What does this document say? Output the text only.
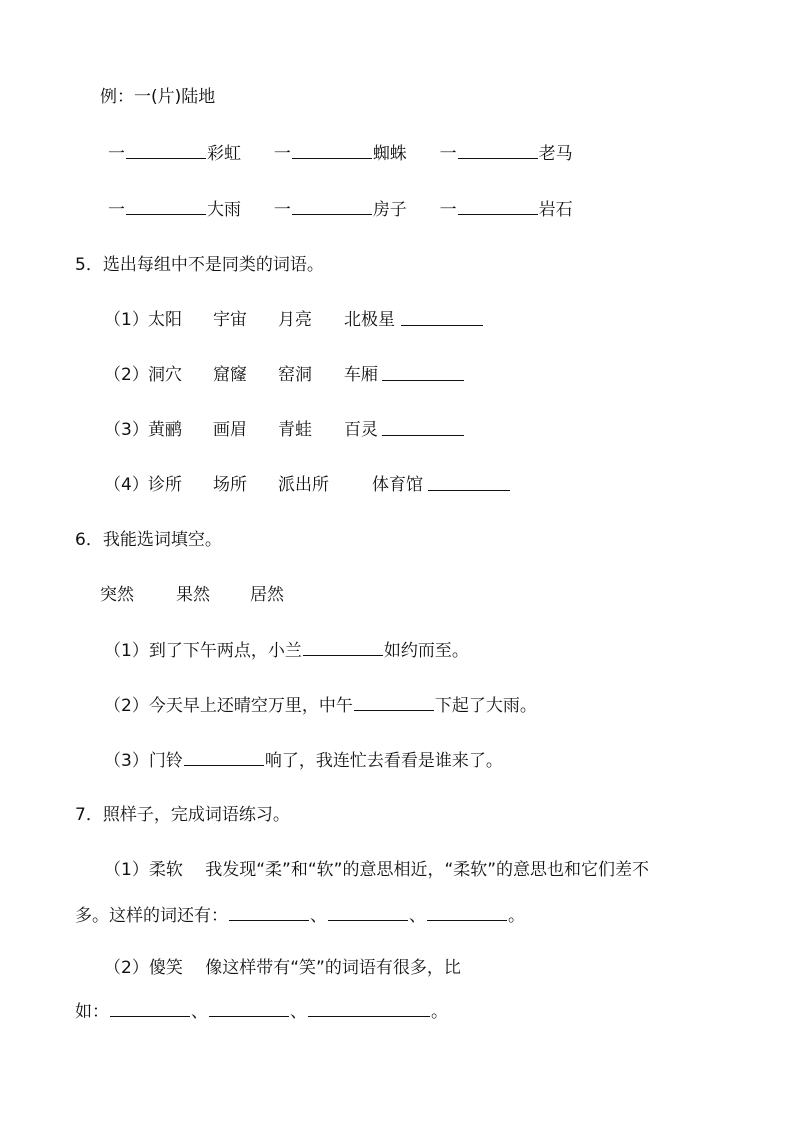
例：一(片)陆地
一	彩虹 一	蜘蛛 一	老马
一	大雨 一	房子 一	岩石
5．选出每组中不是同类的词语。
（1） 太阳 宇宙 月亮 北极星
（2） 洞穴 窟窿 窑洞 车厢
（3） 黄鹂 画眉 青蛙 百灵
（4） 诊所 场所 派出所	体育馆
6．我能选词填空。
突然 果然 居然
（1）到了下午两点，小兰	如约而至。
（2）今天早上还晴空万里，中午	下起了大雨。
（3）门铃	响了，我连忙去看看是谁来了。
7．照样子，完成词语练习。
（1）柔软　 我发现“柔”和“软”的意思相近，“柔软”的意思也和它们差不
多。这样的词还有：	、	、	。
（2）傻笑　 像这样带有“笑”的词语有很多，比
如：	、	、	。
